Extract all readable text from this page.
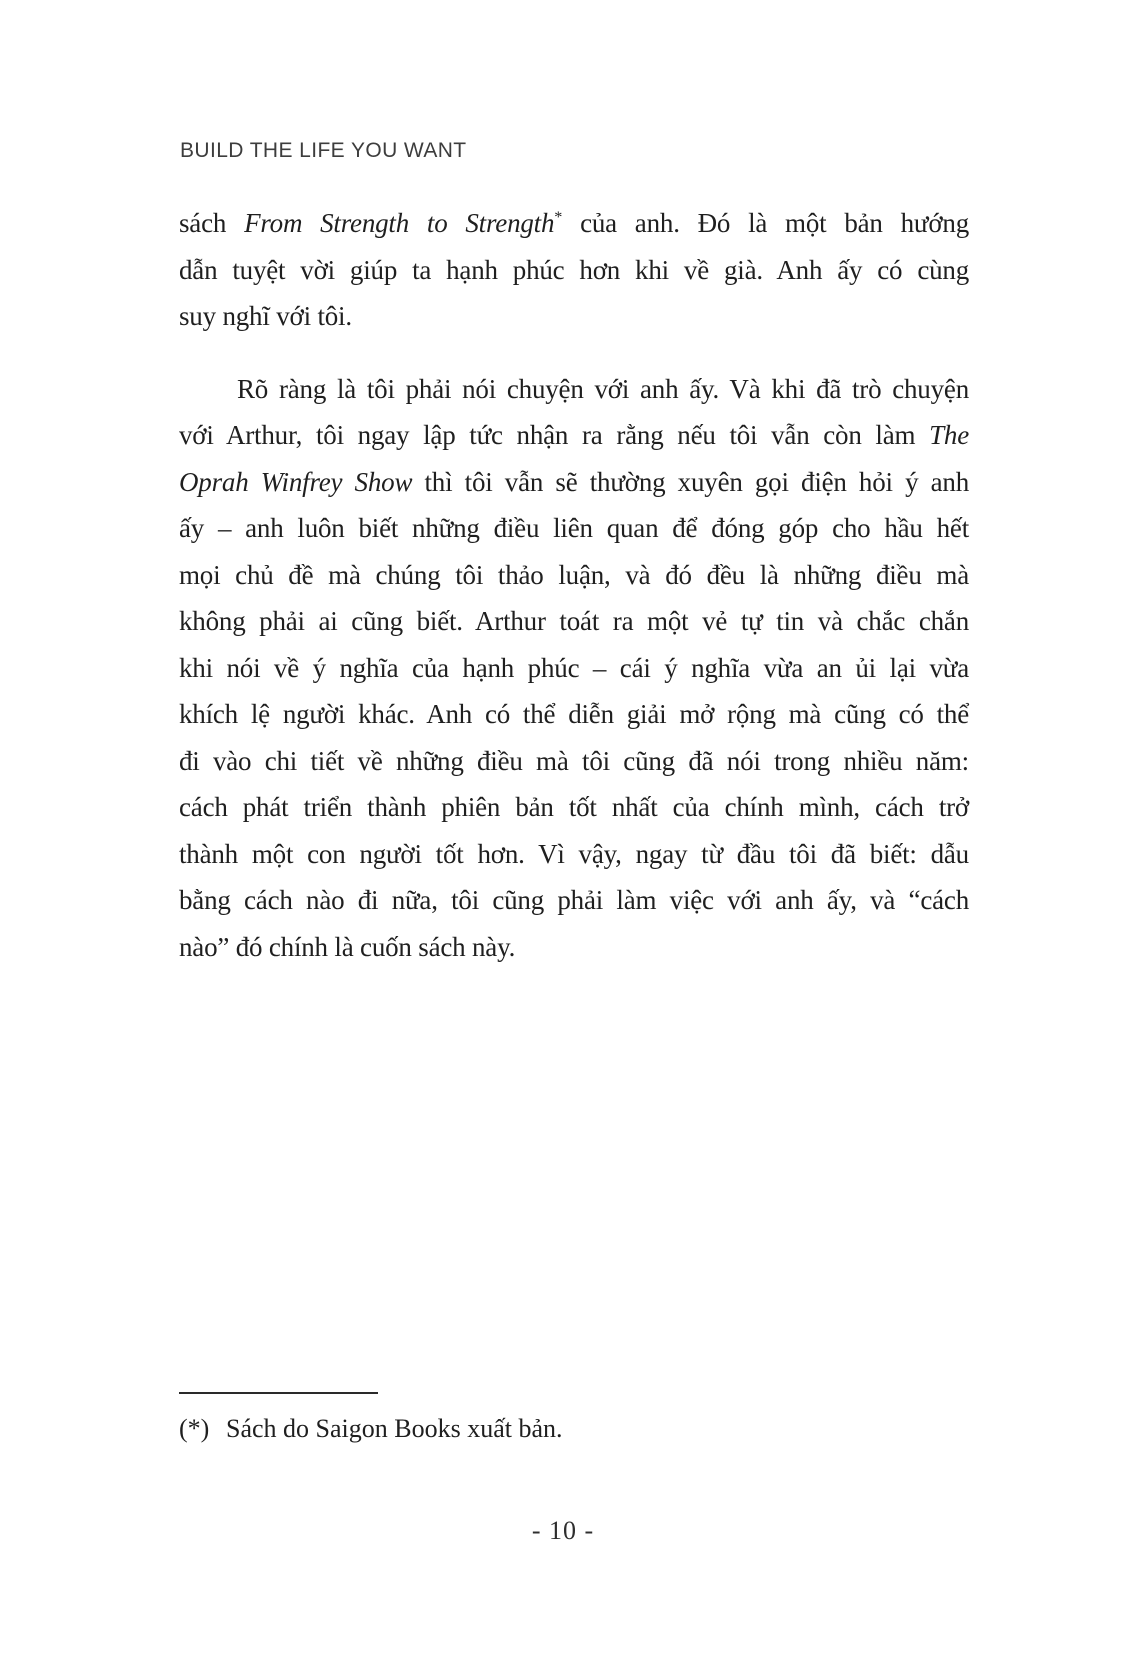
BUILD THE LIFE YOU WANT
sách From Strength to Strength* của anh. Đó là một bản hướng
dẫn tuyệt vời giúp ta hạnh phúc hơn khi về già. Anh ấy có cùng
suy nghĩ với tôi.
Rõ ràng là tôi phải nói chuyện với anh ấy. Và khi đã trò chuyện
với Arthur, tôi ngay lập tức nhận ra rằng nếu tôi vẫn còn làm The
Oprah Winfrey Show thì tôi vẫn sẽ thường xuyên gọi điện hỏi ý anh
ấy – anh luôn biết những điều liên quan để đóng góp cho hầu hết
mọi chủ đề mà chúng tôi thảo luận, và đó đều là những điều mà
không phải ai cũng biết. Arthur toát ra một vẻ tự tin và chắc chắn
khi nói về ý nghĩa của hạnh phúc – cái ý nghĩa vừa an ủi lại vừa
khích lệ người khác. Anh có thể diễn giải mở rộng mà cũng có thể
đi vào chi tiết về những điều mà tôi cũng đã nói trong nhiều năm:
cách phát triển thành phiên bản tốt nhất của chính mình, cách trở
thành một con người tốt hơn. Vì vậy, ngay từ đầu tôi đã biết: dẫu
bằng cách nào đi nữa, tôi cũng phải làm việc với anh ấy, và “cách
nào” đó chính là cuốn sách này.
(*) Sách do Saigon Books xuất bản.
- 10 -
